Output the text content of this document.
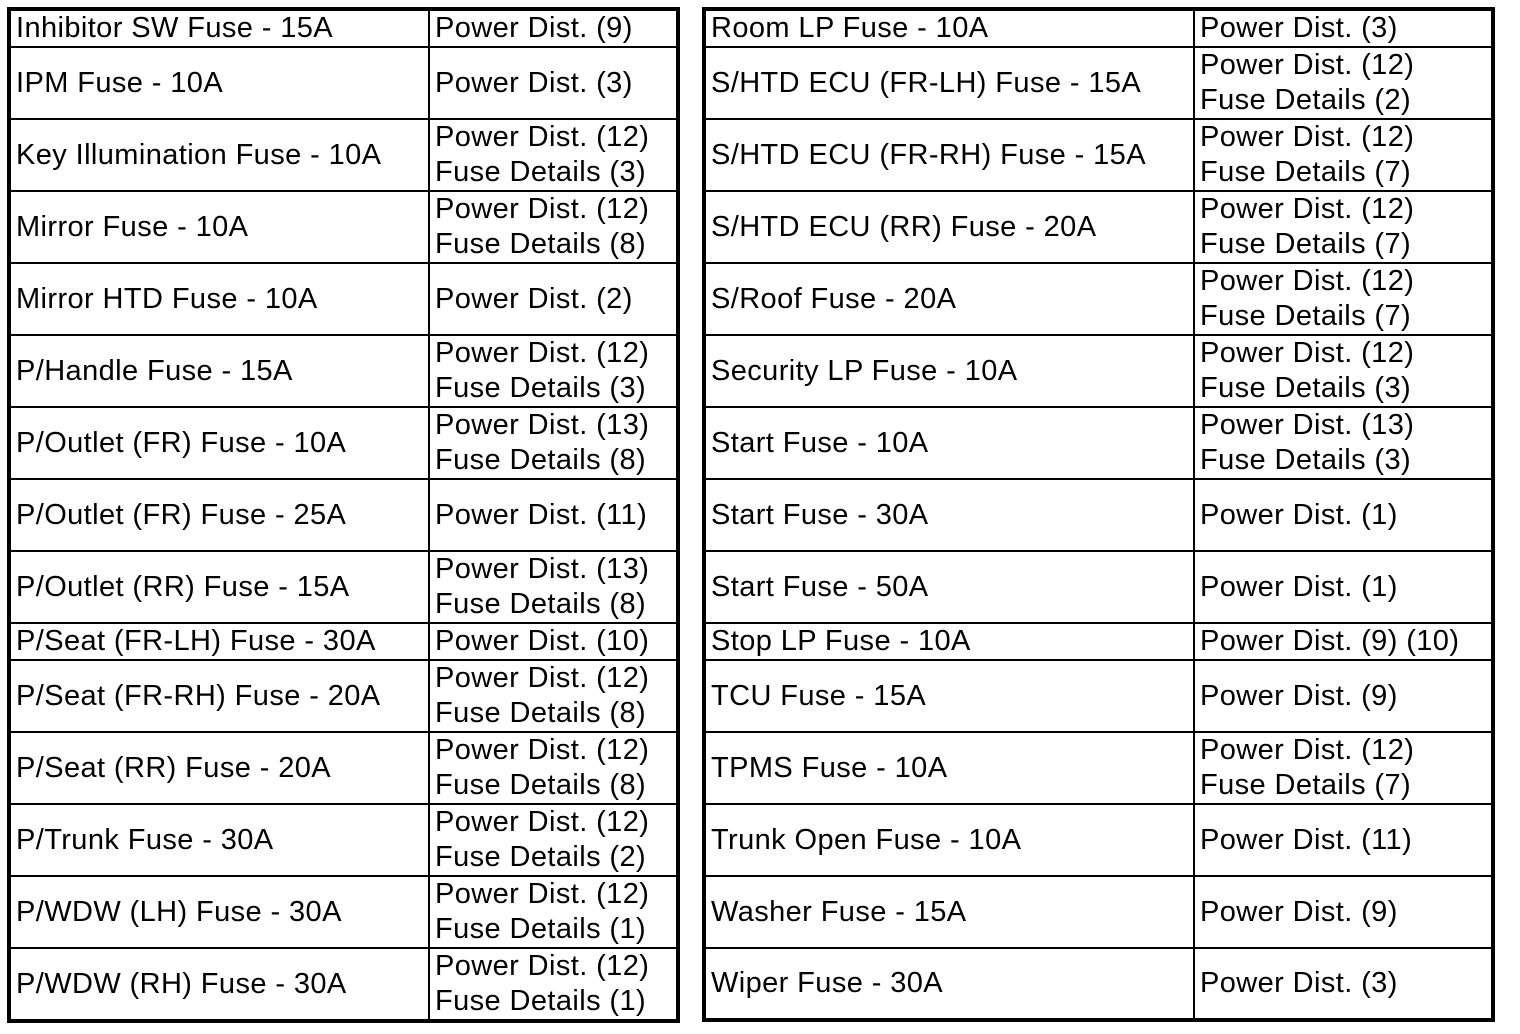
Inhibitor SW Fuse - 15A	Power Dist. (9)

IPM Fuse - 10A	Power Dist. (3)

Key Illumination Fuse - 10A	Power Dist. (12)
Fuse Details (3)

Mirror Fuse - 10A	Power Dist. (12)
Fuse Details (8)

Mirror HTD Fuse - 10A	Power Dist. (2)

P/Handle Fuse - 15A	Power Dist. (12)
Fuse Details (3)

P/Outlet (FR) Fuse - 10A	Power Dist. (13)
Fuse Details (8)

P/Outlet (FR) Fuse - 25A	Power Dist. (11)

P/Outlet (RR) Fuse - 15A	Power Dist. (13)
Fuse Details (8)

P/Seat (FR-LH) Fuse - 30A	Power Dist. (10)

P/Seat (FR-RH) Fuse - 20A	Power Dist. (12)
Fuse Details (8)

P/Seat (RR) Fuse - 20A	Power Dist. (12)
Fuse Details (8)

P/Trunk Fuse - 30A	Power Dist. (12)
Fuse Details (2)

P/WDW (LH) Fuse - 30A	Power Dist. (12)
Fuse Details (1)

P/WDW (RH) Fuse - 30A	Power Dist. (12)
Fuse Details (1)
Room LP Fuse - 10A	Power Dist. (3)

S/HTD ECU (FR-LH) Fuse - 15A	Power Dist. (12)
Fuse Details (2)

S/HTD ECU (FR-RH) Fuse - 15A	Power Dist. (12)
Fuse Details (7)

S/HTD ECU (RR) Fuse - 20A	Power Dist. (12)
Fuse Details (7)

S/Roof Fuse - 20A	Power Dist. (12)
Fuse Details (7)

Security LP Fuse - 10A	Power Dist. (12)
Fuse Details (3)

Start Fuse - 10A	Power Dist. (13)
Fuse Details (3)

Start Fuse - 30A	Power Dist. (1)

Start Fuse - 50A	Power Dist. (1)

Stop LP Fuse - 10A	Power Dist. (9) (10)

TCU Fuse - 15A	Power Dist. (9)

TPMS Fuse - 10A	Power Dist. (12)
Fuse Details (7)

Trunk Open Fuse - 10A	Power Dist. (11)

Washer Fuse - 15A	Power Dist. (9)

Wiper Fuse - 30A	Power Dist. (3)
